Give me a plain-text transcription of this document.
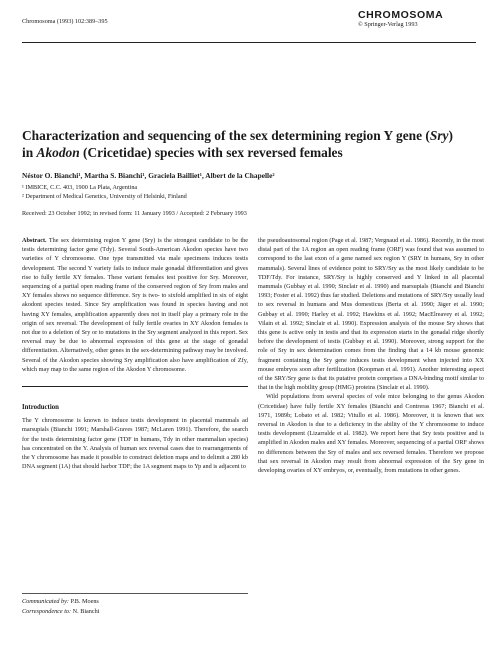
Chromosoma (1993) 102:389–395
CHROMOSOMA
© Springer-Verlag 1993
Characterization and sequencing of the sex determining region Y gene (Sry) in Akodon (Cricetidae) species with sex reversed females
Néstor O. Bianchi¹, Martha S. Bianchi¹, Graciela Bailliet¹, Albert de la Chapelle²
¹ IMBICE, C.C. 403, 1900 La Plata, Argentina
² Department of Medical Genetics, University of Helsinki, Finland
Received: 23 October 1992; in revised form: 11 January 1993 / Accepted: 2 February 1993

Abstract. The sex determining region Y gene (Sry) is the strongest candidate to be the testis determining factor gene (Tdy). Several South-American Akodon species have two varieties of Y chromosome. One type transmitted via male specimens induces testis development. The second Y variety fails to induce male gonadal differentiation and gives rise to fully fertile XY females. These variant females test positive for Sry. Moreover, sequencing of a partial open reading frame of the conserved region of Sry from males and XY females shows no sequence difference. Sry is two- to sixfold amplified in six of eight akodont species tested. Since Sry amplification was found in species having and not having XY females, amplification apparently does not in itself play a primary role in the origin of sex reversal. The development of fully fertile ovaries in XY Akodon females is not due to a deletion of Sry or to mutations in the Sry segment analyzed in this report. Sex reversal may be due to abnormal expression of this gene at the stage of gonadal differentiation. Alternatively, other genes in the sex-determining pathway may be involved. Several of the Akodon species showing Sry amplification also have amplification of Zfy, which may map to the same region of the Akodon Y chromosome.

Introduction

The Y chromosome is known to induce testis development in placental mammals ad marsupials (Bianchi 1991; Marshall-Graves 1987; McLaren 1991). Therefore, the search for the testis determining factor gene (TDF in humans, Tdy in other mammalian species) has concentrated on the Y. Analysis of human sex reversal cases due to rearrangements of the Y chromosome has made it possible to construct deletion maps and to delimit a 280 kb DNA segment (1A) that should harbor TDF; the 1A segment maps to Yp and is adjacent to

the pseudoautosomal region (Page et al. 1987; Vergnaud et al. 1986). Recently, in the most distal part of the 1A region an open reading frame (ORF) was found that was assumed to correspond to the last exon of a gene named sex region Y (SRY in humans, Sry in other mammals). Several lines of evidence point to SRY/Sry as the most likely candidate to be TDF/Tdy. For instance, SRY/Sry is highly conserved and Y linked in all placental mammals (Gubbay et al. 1990; Sinclair et al. 1990) and marsupials (Bianchi and Bianchi 1993; Foster et al. 1992) thus far studied. Deletions and mutations of SRY/Sry usually lead to sex reversal in humans and Mus domesticus (Berta et al. 1990; Jäger et al. 1990; Gubbay et al. 1990; Harley et al. 1992; Hawkins et al. 1992; MacElreavey et al. 1992; Vilain et al. 1992; Sinclair et al. 1990). Expression analysis of the mouse Sry shows that this gene is active only in testis and that its expression starts in the gonadal ridge shortly before the development of testis (Gubbay et al. 1990). Moreover, strong support for the role of Sry in sex determination comes from the finding that a 14 kb mouse genomic fragment containing the Sry gene induces testis development when injected into XX mouse embryos soon after fertilization (Koopman et al. 1991). Another interesting aspect of the SRY/Sry gene is that its putative protein comprises a DNA-binding motif similar to that in the high mobility group (HMG) proteins (Sinclair et al. 1990).

Wild populations from several species of vole mice belonging to the genus Akodon (Cricetidae) have fully fertile XY females (Bianchi and Contreras 1967; Bianchi et al. 1971, 1989b; Lobato et al. 1982; Vitullo et al. 1986). Moreover, it is known that sex reversal in Akodon is due to a deficiency in the ability of the Y chromosome to induce testis development (Lizarralde et al. 1982). We report here that Sry tests positive and is amplified in Akodon males and XY females. Moreover, sequencing of a partial ORF shows no differences between the Sry of males and sex reversed females. Therefore we propose that sex reversal in Akodon may result from abnormal expression of the Sry gene in developing ovaries of XY embryos, or, eventually, from mutations in other genes.

Communicated by: P.B. Moens
Correspondence to: N. Bianchi
